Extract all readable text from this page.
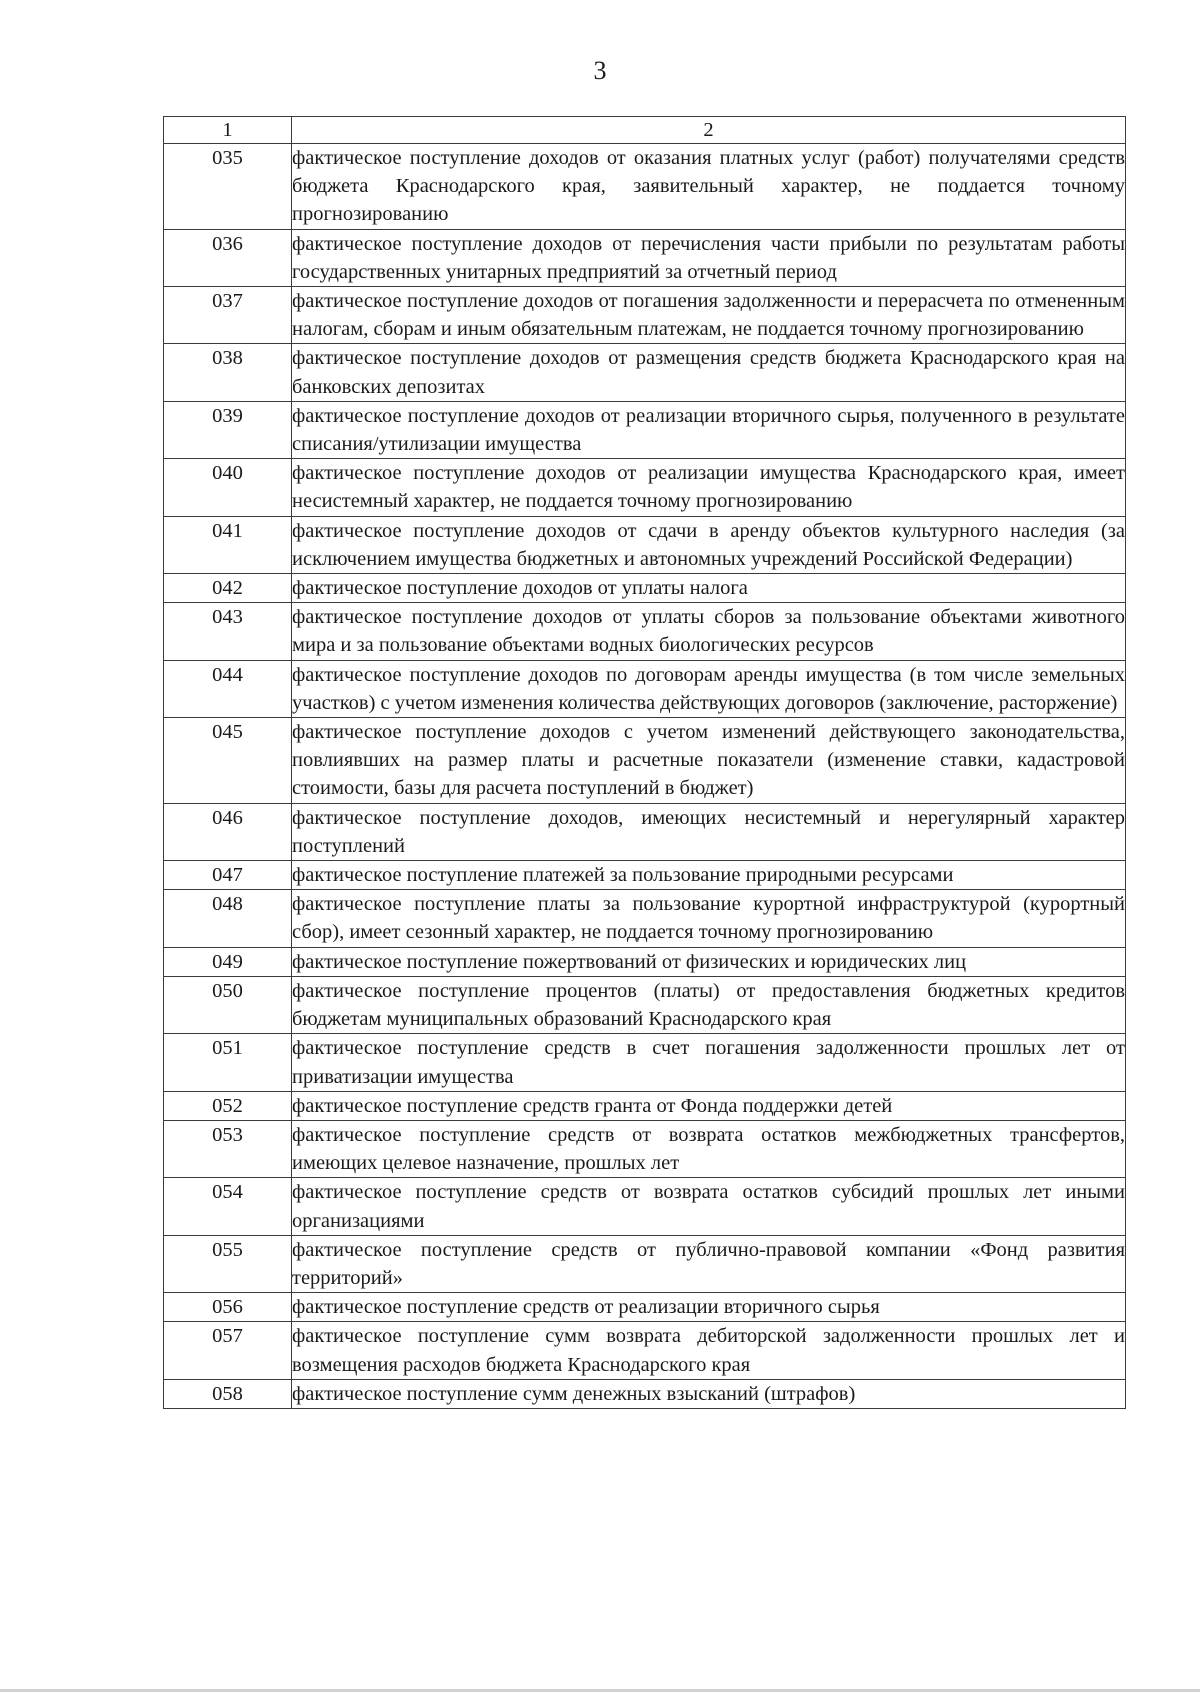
3
1	2
035	фактическое поступление доходов от оказания платных услуг (работ) получателями средств бюджета Краснодарского края, заявительный характер, не поддается точному прогнозированию
036	фактическое поступление доходов от перечисления части прибыли по результатам работы государственных унитарных предприятий за отчетный период
037	фактическое поступление доходов от погашения задолженности и перерасчета по отмененным налогам, сборам и иным обязательным платежам, не поддается точному прогнозированию
038	фактическое поступление доходов от размещения средств бюджета Краснодарского края на банковских депозитах
039	фактическое поступление доходов от реализации вторичного сырья, полученного в результате списания/утилизации имущества
040	фактическое поступление доходов от реализации имущества Краснодарского края, имеет несистемный характер, не поддается точному прогнозированию
041	фактическое поступление доходов от сдачи в аренду объектов культурного наследия (за исключением имущества бюджетных и автономных учреждений Российской Федерации)
042	фактическое поступление доходов от уплаты налога
043	фактическое поступление доходов от уплаты сборов за пользование объектами животного мира и за пользование объектами водных биологических ресурсов
044	фактическое поступление доходов по договорам аренды имущества (в том числе земельных участков) с учетом изменения количества действующих договоров (заключение, расторжение)
045	фактическое поступление доходов с учетом изменений действующего законодательства, повлиявших на размер платы и расчетные показатели (изменение ставки, кадастровой стоимости, базы для расчета поступлений в бюджет)
046	фактическое поступление доходов, имеющих несистемный и нерегулярный характер поступлений
047	фактическое поступление платежей за пользование природными ресурсами
048	фактическое поступление платы за пользование курортной инфраструктурой (курортный сбор), имеет сезонный характер, не поддается точному прогнозированию
049	фактическое поступление пожертвований от физических и юридических лиц
050	фактическое поступление процентов (платы) от предоставления бюджетных кредитов бюджетам муниципальных образований Краснодарского края
051	фактическое поступление средств в счет погашения задолженности прошлых лет от приватизации имущества
052	фактическое поступление средств гранта от Фонда поддержки детей
053	фактическое поступление средств от возврата остатков межбюджетных трансфертов, имеющих целевое назначение, прошлых лет
054	фактическое поступление средств от возврата остатков субсидий прошлых лет иными организациями
055	фактическое поступление средств от публично-правовой компании «Фонд развития территорий»
056	фактическое поступление средств от реализации вторичного сырья
057	фактическое поступление сумм возврата дебиторской задолженности прошлых лет и возмещения расходов бюджета Краснодарского края
058	фактическое поступление сумм денежных взысканий (штрафов)
